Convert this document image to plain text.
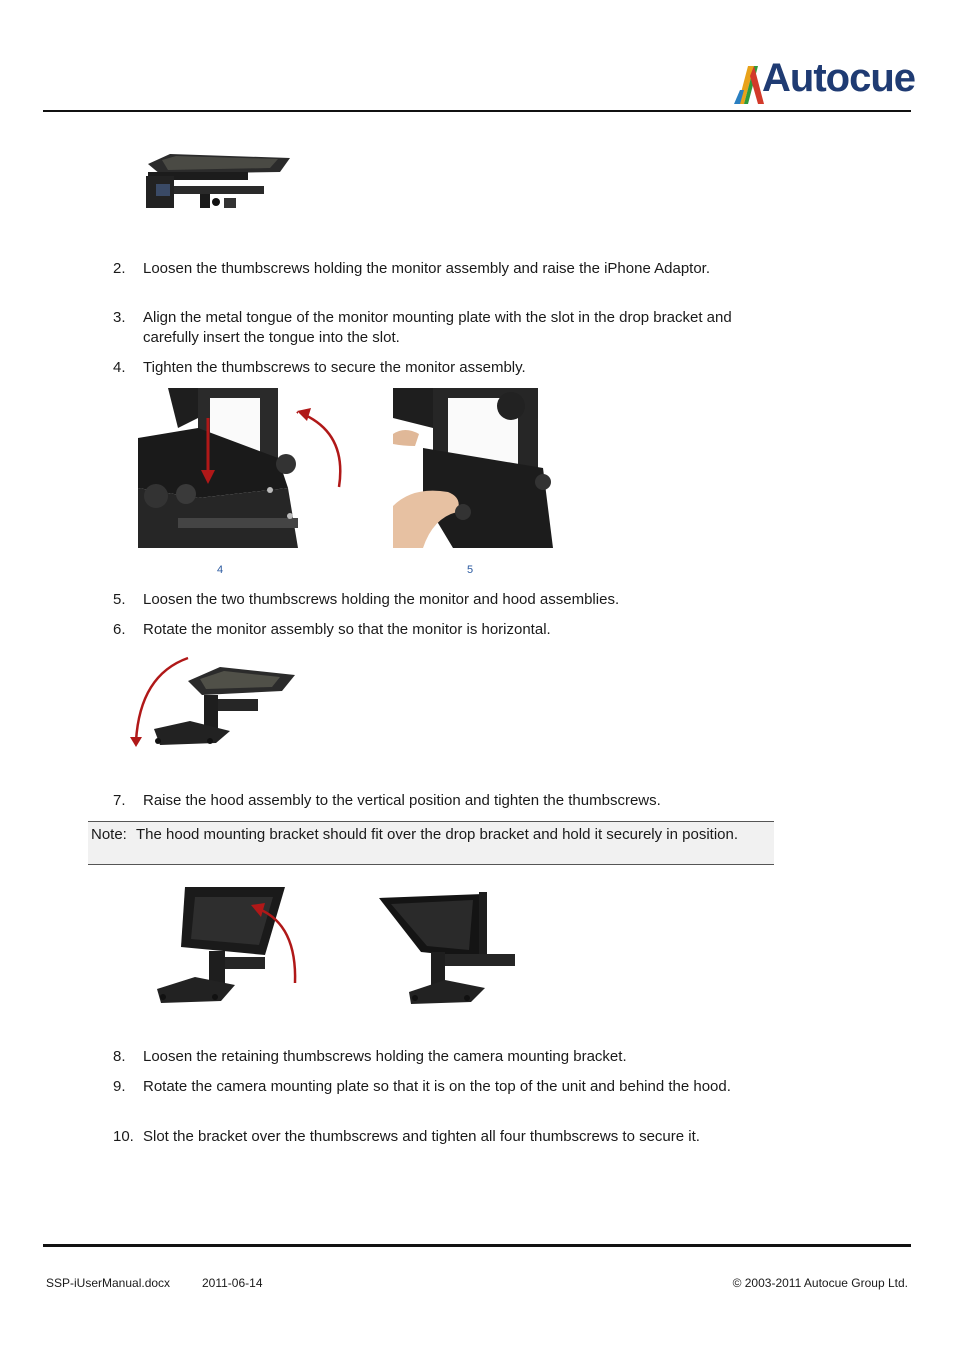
Autocue
2.	Loosen the thumbscrews holding the monitor assembly and raise the iPhone Adaptor.
3.	Align the metal tongue of the monitor mounting plate with the slot in the drop bracket and carefully insert the tongue into the slot.
4.	Tighten the thumbscrews to secure the monitor assembly.
4	5
5.	Loosen the two thumbscrews holding the monitor and hood assemblies.
6.	Rotate the monitor assembly so that the monitor is horizontal.
7.	Raise the hood assembly to the vertical position and tighten the thumbscrews.
Note: The hood mounting bracket should fit over the drop bracket and hold it securely in position.
8.	Loosen the retaining thumbscrews holding the camera mounting bracket.
9.	Rotate the camera mounting plate so that it is on the top of the unit and behind the hood.
10. Slot the bracket over the thumbscrews and tighten all four thumbscrews to secure it.
SSP-iUserManual.docx	2011-06-14	© 2003-2011 Autocue Group Ltd.
